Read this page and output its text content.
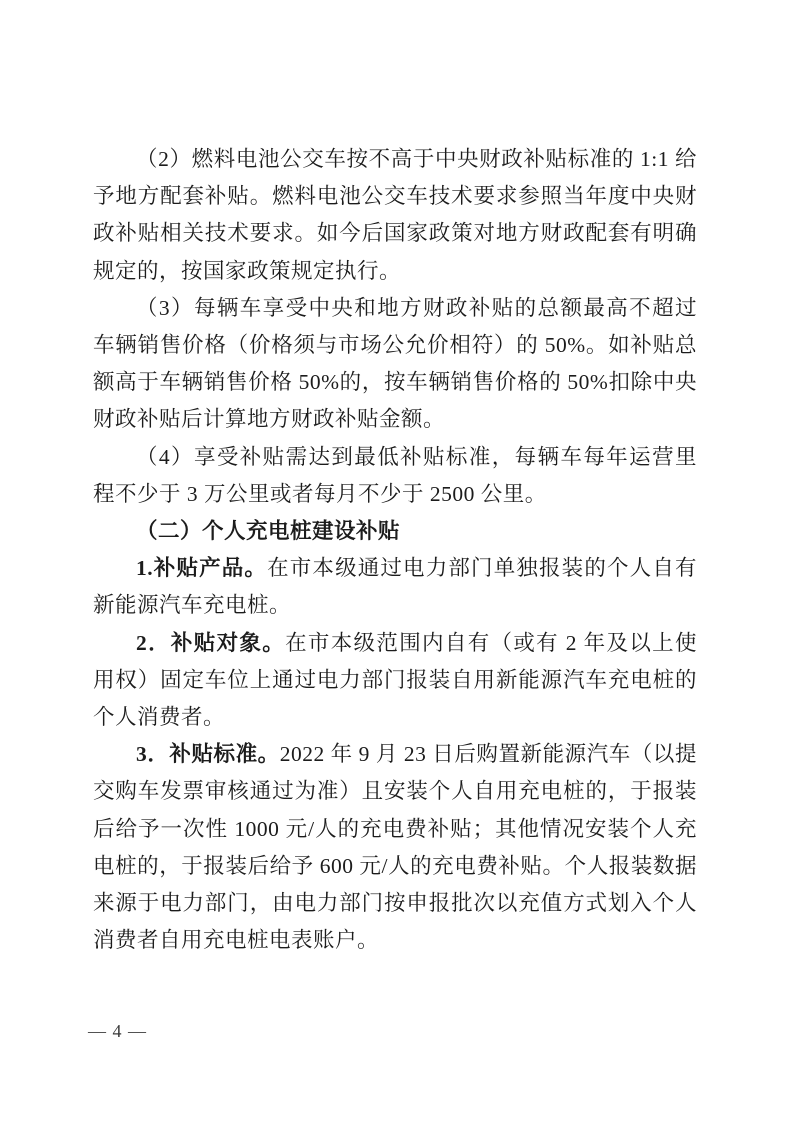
（2）燃料电池公交车按不高于中央财政补贴标准的 1:1 给予地方配套补贴。燃料电池公交车技术要求参照当年度中央财政补贴相关技术要求。如今后国家政策对地方财政配套有明确规定的，按国家政策规定执行。

（3）每辆车享受中央和地方财政补贴的总额最高不超过车辆销售价格（价格须与市场公允价相符）的 50%。如补贴总额高于车辆销售价格 50%的，按车辆销售价格的 50%扣除中央财政补贴后计算地方财政补贴金额。

（4）享受补贴需达到最低补贴标准，每辆车每年运营里程不少于 3 万公里或者每月不少于 2500 公里。

（二）个人充电桩建设补贴

1.补贴产品。在市本级通过电力部门单独报装的个人自有新能源汽车充电桩。

2．补贴对象。在市本级范围内自有（或有 2 年及以上使用权）固定车位上通过电力部门报装自用新能源汽车充电桩的个人消费者。

3．补贴标准。2022 年 9 月 23 日后购置新能源汽车（以提交购车发票审核通过为准）且安装个人自用充电桩的，于报装后给予一次性 1000 元/人的充电费补贴；其他情况安装个人充电桩的，于报装后给予 600 元/人的充电费补贴。个人报装数据来源于电力部门，由电力部门按申报批次以充值方式划入个人消费者自用充电桩电表账户。

— 4 —
